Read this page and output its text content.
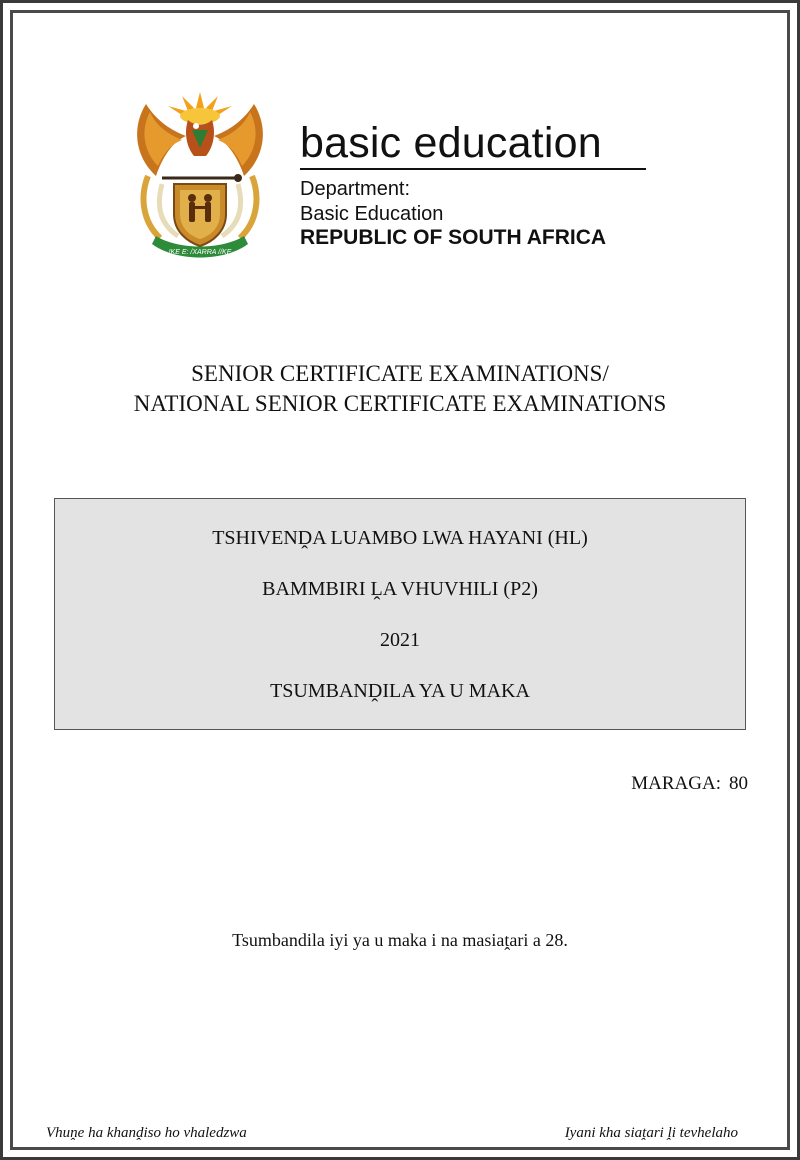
!KE E: /XARRA //KE
basic education
Department:
Basic Education
REPUBLIC OF SOUTH AFRICA
SENIOR CERTIFICATE EXAMINATIONS/
NATIONAL SENIOR CERTIFICATE EXAMINATIONS
TSHIVENḒA LUAMBO LWA HAYANI (HL)
BAMMBIRI ḼA VHUVHILI (P2)
2021
TSUMBANḒILA YA U MAKA
MARAGA: 80
Tsumbandila iyi ya u maka i na masiaṱari a 28.
Vhuṋe ha khanḓiso ho vhaledzwa	Iyani kha siaṱari ḽi tevhelaho
